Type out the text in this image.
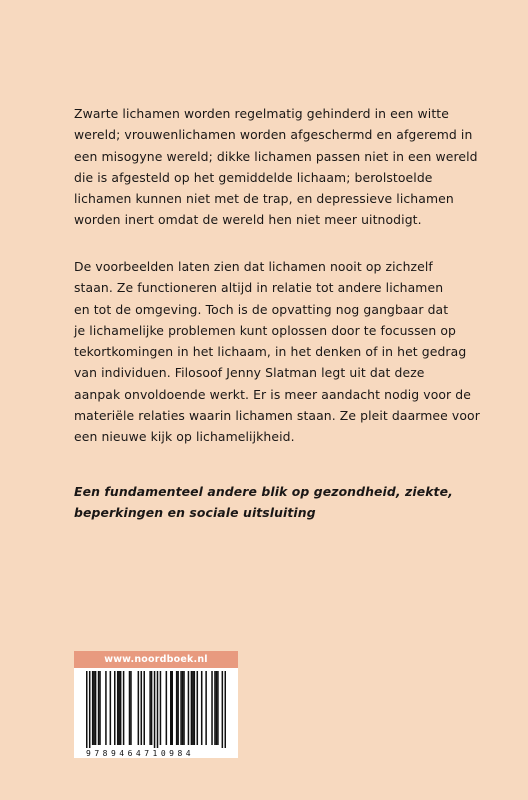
Zwarte lichamen worden regelmatig gehinderd in een witte
wereld; vrouwenlichamen worden afgeschermd en afgeremd in
een misogyne wereld; dikke lichamen passen niet in een wereld
die is afgesteld op het gemiddelde lichaam; berolstoelde
lichamen kunnen niet met de trap, en depressieve lichamen
worden inert omdat de wereld hen niet meer uitnodigt.
De voorbeelden laten zien dat lichamen nooit op zichzelf
staan. Ze functioneren altijd in relatie tot andere lichamen
en tot de omgeving. Toch is de opvatting nog gangbaar dat
je lichamelijke problemen kunt oplossen door te focussen op
tekortkomingen in het lichaam, in het denken of in het gedrag
van individuen. Filosoof Jenny Slatman legt uit dat deze
aanpak onvoldoende werkt. Er is meer aandacht nodig voor de
materiële relaties waarin lichamen staan. Ze pleit daarmee voor
een nieuwe kijk op lichamelijkheid.
Een fundamenteel andere blik op gezondheid, ziekte,
beperkingen en sociale uitsluiting
www.noordboek.nl
9789464710984
